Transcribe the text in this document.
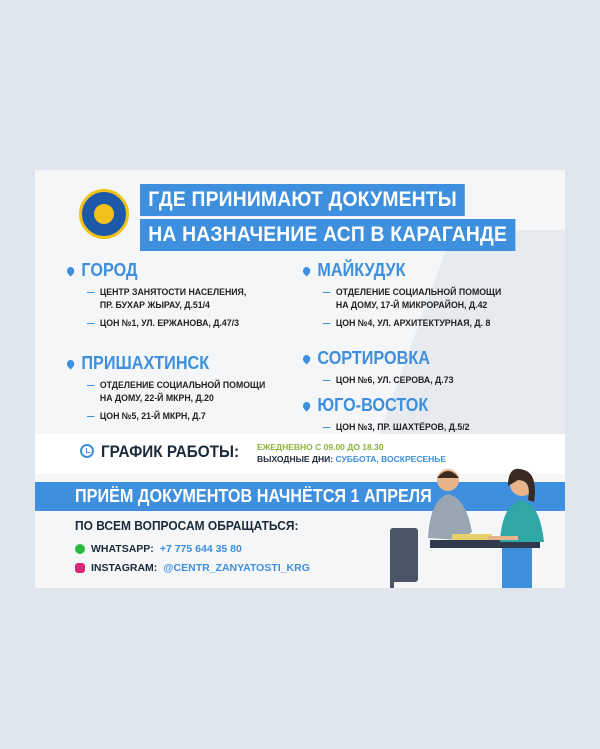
ГДЕ ПРИНИМАЮТ ДОКУМЕНТЫ
НА НАЗНАЧЕНИЕ АСП В КАРАГАНДЕ
ГОРОД
ЦЕНТР ЗАНЯТОСТИ НАСЕЛЕНИЯ,
ПР. БУХАР ЖЫРАУ, Д.51/4
ЦОН №1, УЛ. ЕРЖАНОВА, Д.47/3
ПРИШАХТИНСК
ОТДЕЛЕНИЕ СОЦИАЛЬНОЙ ПОМОЩИ
НА ДОМУ, 22-Й МКРН, Д.20
ЦОН №5, 21-Й МКРН, Д.7
МАЙКУДУК
ОТДЕЛЕНИЕ СОЦИАЛЬНОЙ ПОМОЩИ
НА ДОМУ, 17-Й МИКРОРАЙОН, Д.42
ЦОН №4, УЛ. АРХИТЕКТУРНАЯ, Д. 8
СОРТИРОВКА
ЦОН №6, УЛ. СЕРОВА, Д.73
ЮГО-ВОСТОК
ЦОН №3, ПР. ШАХТЁРОВ, Д.5/2
ГРАФИК РАБОТЫ: ЕЖЕДНЕВНО С 09.00 ДО 18.30
ВЫХОДНЫЕ ДНИ: СУББОТА, ВОСКРЕСЕНЬЕ
ПРИЁМ ДОКУМЕНТОВ НАЧНЁТСЯ 1 АПРЕЛЯ
ПО ВСЕМ ВОПРОСАМ ОБРАЩАТЬСЯ:
WHATSAPP: +7 775 644 35 80
INSTAGRAM: @CENTR_ZANYATOSTI_KRG
